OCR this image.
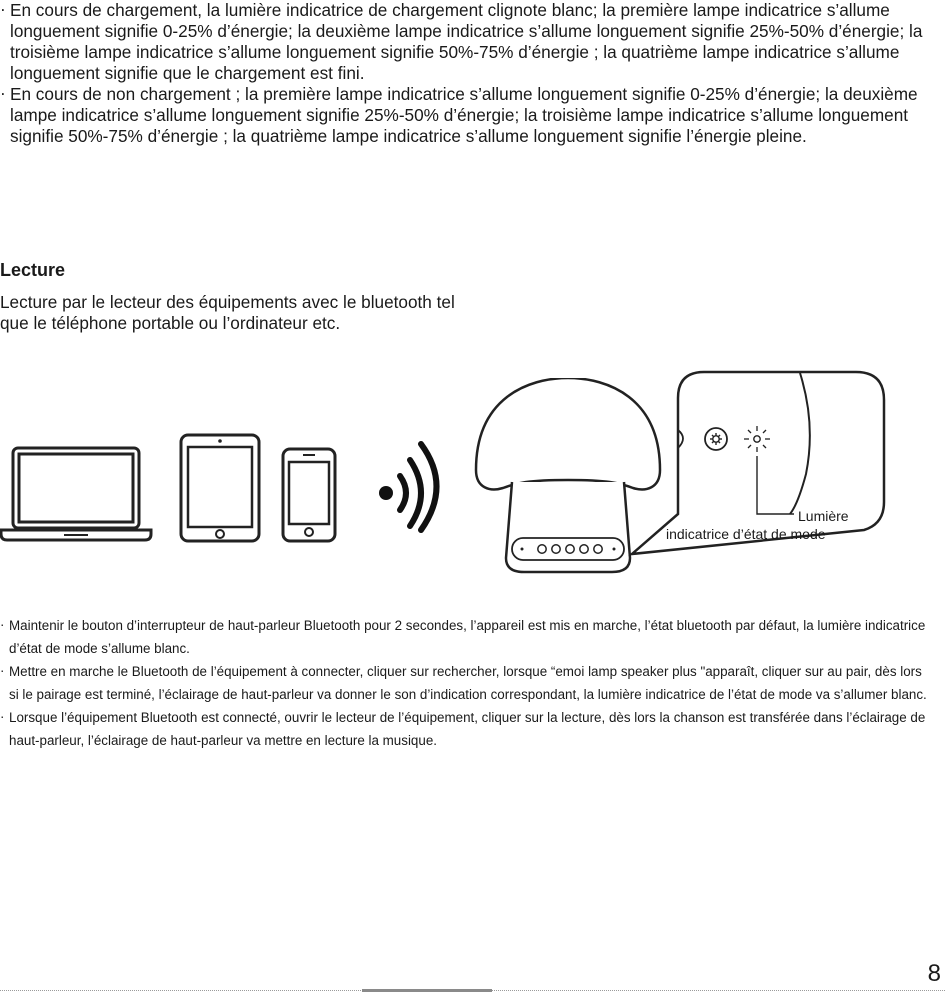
· En cours de chargement, la lumière indicatrice de chargement clignote blanc; la première lampe indicatrice s’allume longuement signifie 0-25% d’énergie; la deuxième lampe indicatrice s’allume longuement signifie 25%-50% d’énergie; la troisième lampe indicatrice s’allume longuement signifie 50%-75% d’énergie ; la quatrième lampe indicatrice s’allume longuement signifie que le chargement est fini.
· En cours de non chargement ; la première lampe indicatrice s’allume longuement signifie 0-25% d’énergie; la deuxième lampe indicatrice s’allume longuement signifie 25%-50% d’énergie; la troisième lampe indicatrice s’allume longuement signifie 50%-75% d’énergie ; la quatrième lampe indicatrice s’allume longuement signifie l’énergie pleine.
Lecture

Lecture par le lecteur des équipements avec le bluetooth tel que le téléphone portable ou l’ordinateur etc.

Lumière
indicatrice d’état de mode
· Maintenir le bouton d’interrupteur de haut-parleur Bluetooth pour 2 secondes, l’appareil est mis en marche, l’état bluetooth par défaut, la lumière indicatrice d’état de mode s’allume blanc.
· Mettre en marche le Bluetooth de l’équipement à connecter, cliquer sur rechercher, lorsque “emoi lamp speaker plus "apparaît, cliquer sur au pair, dès lors si le pairage est terminé, l’éclairage de haut-parleur va donner le son d’indication correspondant, la lumière indicatrice de l’état de mode va s’allumer blanc.
· Lorsque l’équipement Bluetooth est connecté, ouvrir le lecteur de l’équipement, cliquer sur la lecture, dès lors la chanson est transférée dans l’éclairage de haut-parleur, l’éclairage de haut-parleur va mettre en lecture la musique.
8
